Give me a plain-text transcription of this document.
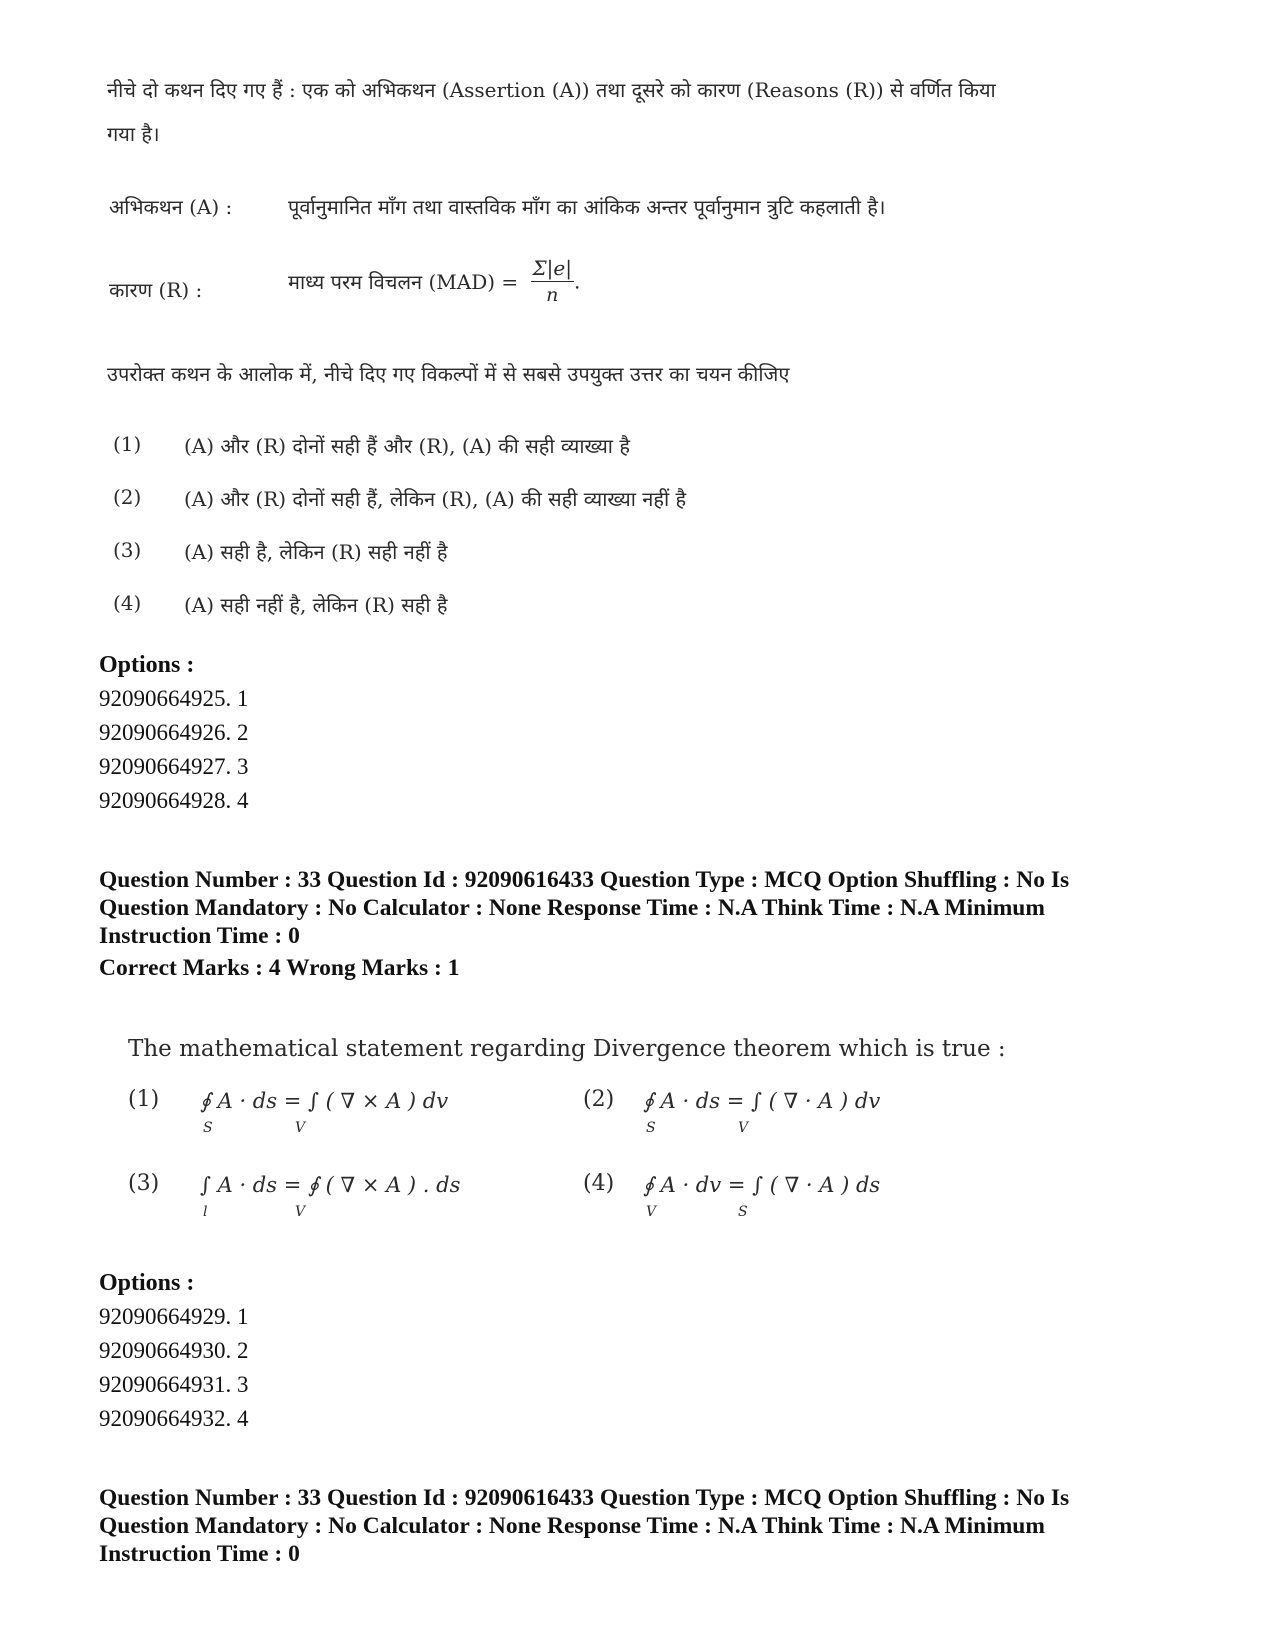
नीचे दो कथन दिए गए हैं : एक को अभिकथन (Assertion (A)) तथा दूसरे को कारण (Reasons (R)) से वर्णित किया
गया है।
अभिकथन (A) :	पूर्वानुमानित माँग तथा वास्तविक माँग का आंकिक अन्तर पूर्वानुमान त्रुटि कहलाती है।
कारण (R) :	माध्य परम विचलन $(MAD) = \frac{\Sigma|e|}{n}$ .
उपरोक्त कथन के आलोक में, नीचे दिए गए विकल्पों में से सबसे उपयुक्त उत्तर का चयन कीजिए
(1) (A) और (R) दोनों सही हैं और (R), (A) की सही व्याख्या है
(2) (A) और (R) दोनों सही हैं, लेकिन (R), (A) की सही व्याख्या नहीं है
(3) (A) सही है, लेकिन (R) सही नहीं है
(4) (A) सही नहीं है, लेकिन (R) सही है
Options :
92090664925. 1
92090664926. 2
92090664927. 3
92090664928. 4
Question Number : 33 Question Id : 92090616433 Question Type : MCQ Option Shuffling : No Is
Question Mandatory : No Calculator : None Response Time : N.A Think Time : N.A Minimum
Instruction Time : 0
Correct Marks : 4 Wrong Marks : 1
The mathematical statement regarding Divergence theorem which is true :
(1) ∮ A · ds = ∫ ( ∇ × A ) dv
S	V
(2) ∮ A · ds = ∫ ( ∇ · A ) dv
S	V
(3) ∫ A · ds = ∮ ( ∇ × A ) . ds
l	V
(4) ∮ A · dv = ∫ ( ∇ · A ) ds
V	S
Options :
92090664929. 1
92090664930. 2
92090664931. 3
92090664932. 4
Question Number : 33 Question Id : 92090616433 Question Type : MCQ Option Shuffling : No Is
Question Mandatory : No Calculator : None Response Time : N.A Think Time : N.A Minimum
Instruction Time : 0
